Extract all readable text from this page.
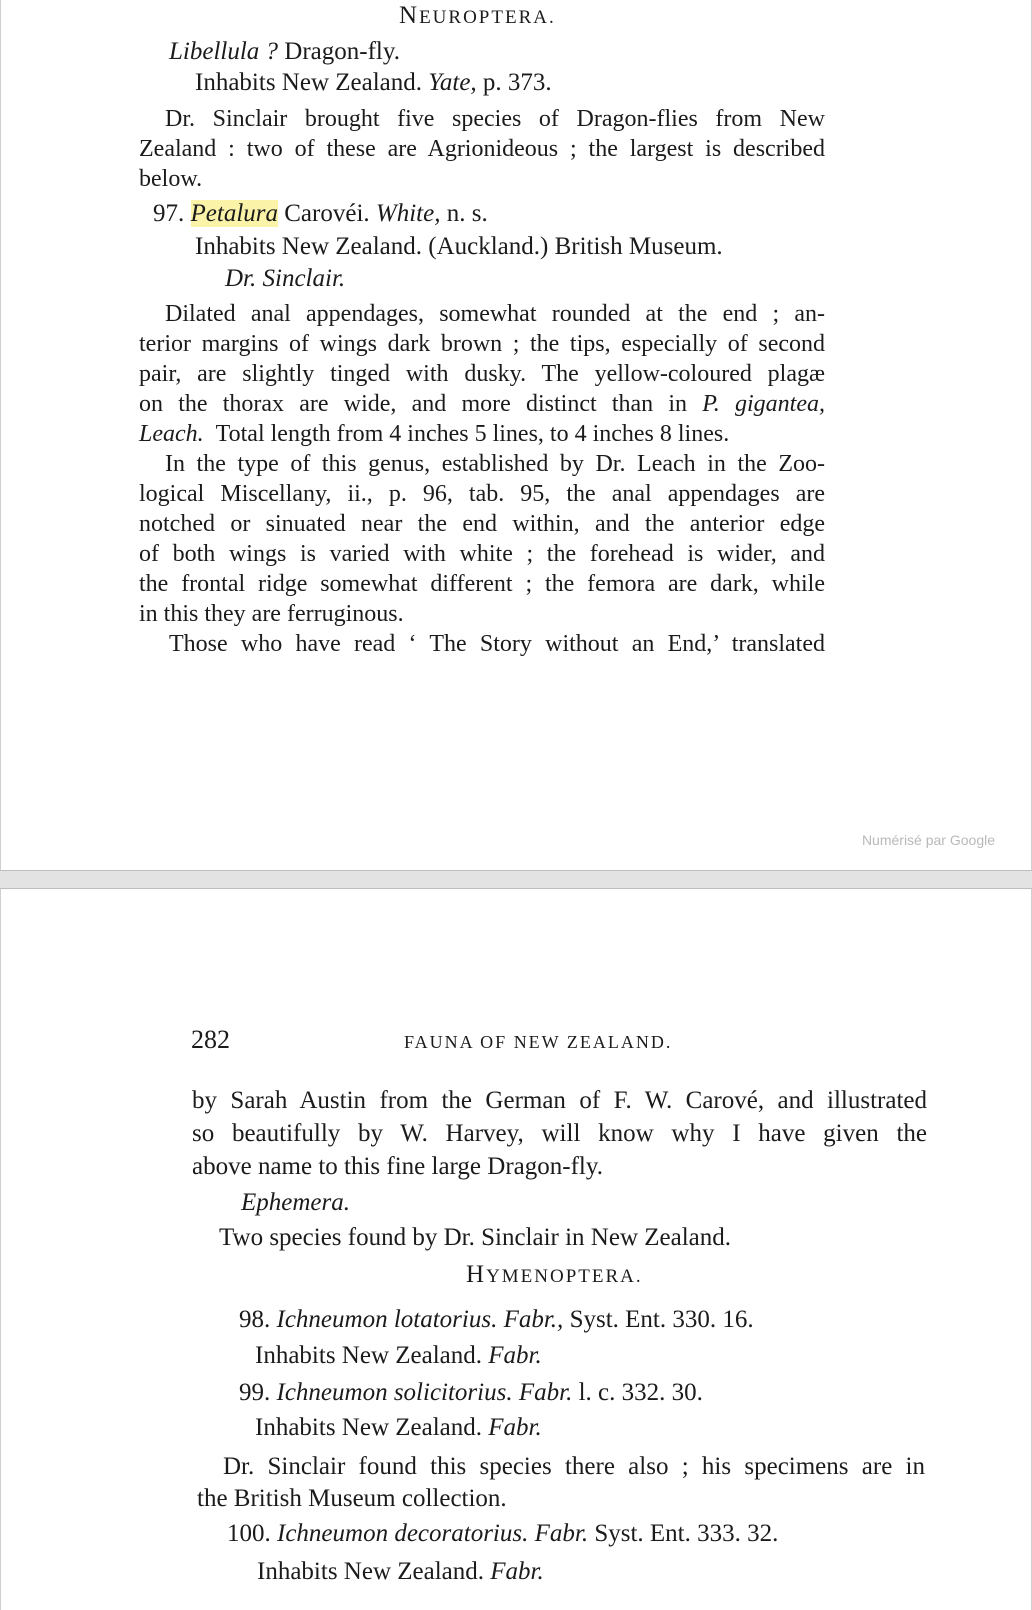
NEUROPTERA.
Libellula ? Dragon-fly.
Inhabits New Zealand. Yate, p. 373.
Dr. Sinclair brought five species of Dragon-flies from New
Zealand : two of these are Agrionideous ; the largest is described
below.
97. Petalura Carovéi. White, n. s.
Inhabits New Zealand. (Auckland.) British Museum.
Dr. Sinclair.
Dilated anal appendages, somewhat rounded at the end ; an-
terior margins of wings dark brown ; the tips, especially of second
pair, are slightly tinged with dusky. The yellow-coloured plagæ
on the thorax are wide, and more distinct than in P. gigantea,
Leach. Total length from 4 inches 5 lines, to 4 inches 8 lines.
In the type of this genus, established by Dr. Leach in the Zoo-
logical Miscellany, ii., p. 96, tab. 95, the anal appendages are
notched or sinuated near the end within, and the anterior edge
of both wings is varied with white ; the forehead is wider, and
the frontal ridge somewhat different ; the femora are dark, while
in this they are ferruginous.
Those who have read ‘ The Story without an End,’ translated
Numérisé par Google
282	FAUNA OF NEW ZEALAND.
by Sarah Austin from the German of F. W. Carové, and illustrated
so beautifully by W. Harvey, will know why I have given the
above name to this fine large Dragon-fly.
Ephemera.
Two species found by Dr. Sinclair in New Zealand.
HYMENOPTERA.
98. Ichneumon lotatorius. Fabr., Syst. Ent. 330. 16.
Inhabits New Zealand. Fabr.
99. Ichneumon solicitorius. Fabr. l. c. 332. 30.
Inhabits New Zealand. Fabr.
Dr. Sinclair found this species there also ; his specimens are in
the British Museum collection.
100. Ichneumon decoratorius. Fabr. Syst. Ent. 333. 32.
Inhabits New Zealand. Fabr.
